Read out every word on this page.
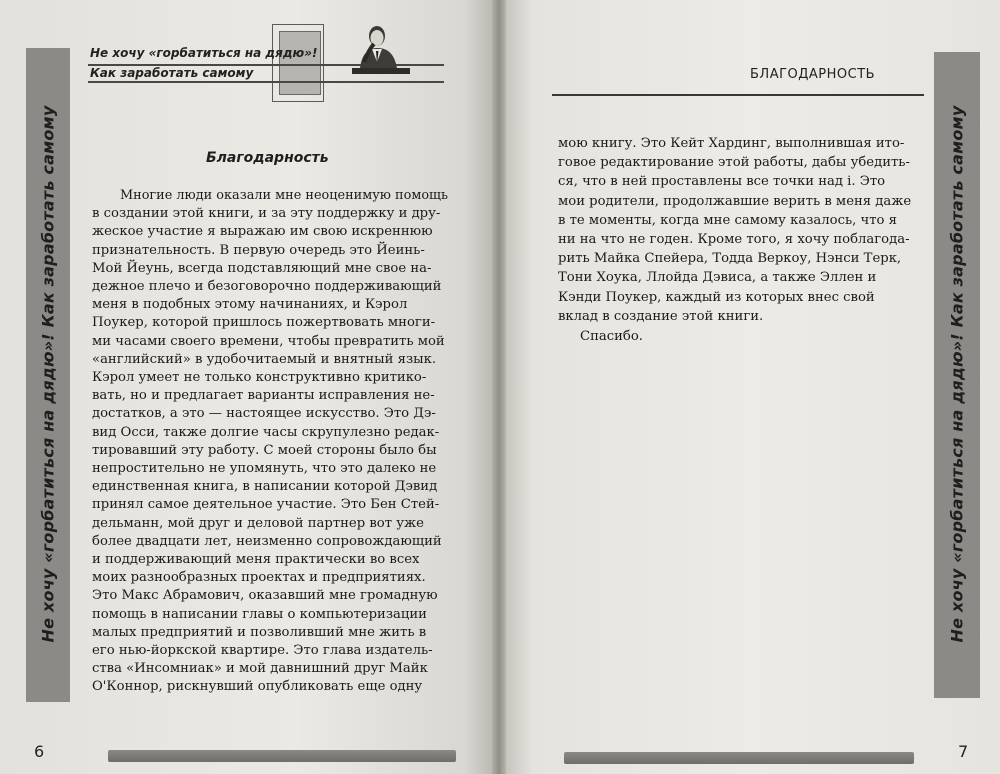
Не хочу «горбатиться на дядю»!
Как заработать самому
Не хочу «горбатиться на дядю»! Как заработать самому	Благодарность
Многие люди оказали мне неоценимую помощь
в создании этой книги, и за эту поддержку и дру-
жеское участие я выражаю им свою искреннюю
признательность. В первую очередь это Йеинь-
Мой Йеунь, всегда подставляющий мне свое на-
дежное плечо и безоговорочно поддерживающий
меня в подобных этому начинаниях, и Кэрол
Поукер, которой пришлось пожертвовать многи-
ми часами своего времени, чтобы превратить мой
«английский» в удобочитаемый и внятный язык.
Кэрол умеет не только конструктивно критико-
вать, но и предлагает варианты исправления не-
достатков, а это — настоящее искусство. Это Дэ-
вид Осси, также долгие часы скрупулезно редак-
тировавший эту работу. С моей стороны было бы
непростительно не упомянуть, что это далеко не
единственная книга, в написании которой Дэвид
принял самое деятельное участие. Это Бен Стей-
дельманн, мой друг и деловой партнер вот уже
более двадцати лет, неизменно сопровождающий
и поддерживающий меня практически во всех
моих разнообразных проектах и предприятиях.
Это Макс Абрамович, оказавший мне громадную
помощь в написании главы о компьютеризации
малых предприятий и позволивший мне жить в
его нью-йоркской квартире. Это глава издатель-
ства «Инсомниак» и мой давнишний друг Майк
О'Коннор, рискнувший опубликовать еще одну
6
БЛАГОДАРНОСТЬ
мою книгу. Это Кейт Хардинг, выполнившая ито-
говое редактирование этой работы, дабы убедить-
ся, что в ней проставлены все точки над i. Это
мои родители, продолжавшие верить в меня даже
в те моменты, когда мне самому казалось, что я
ни на что не годен. Кроме того, я хочу поблагода-
рить Майка Спейера, Тодда Веркоу, Нэнси Терк,
Тони Хоука, Ллойда Дэвиса, а также Эллен и
Кэнди Поукер, каждый из которых внес свой
вклад в создание этой книги.
Спасибо.	Не хочу «горбатиться на дядю»! Как заработать самому
7
